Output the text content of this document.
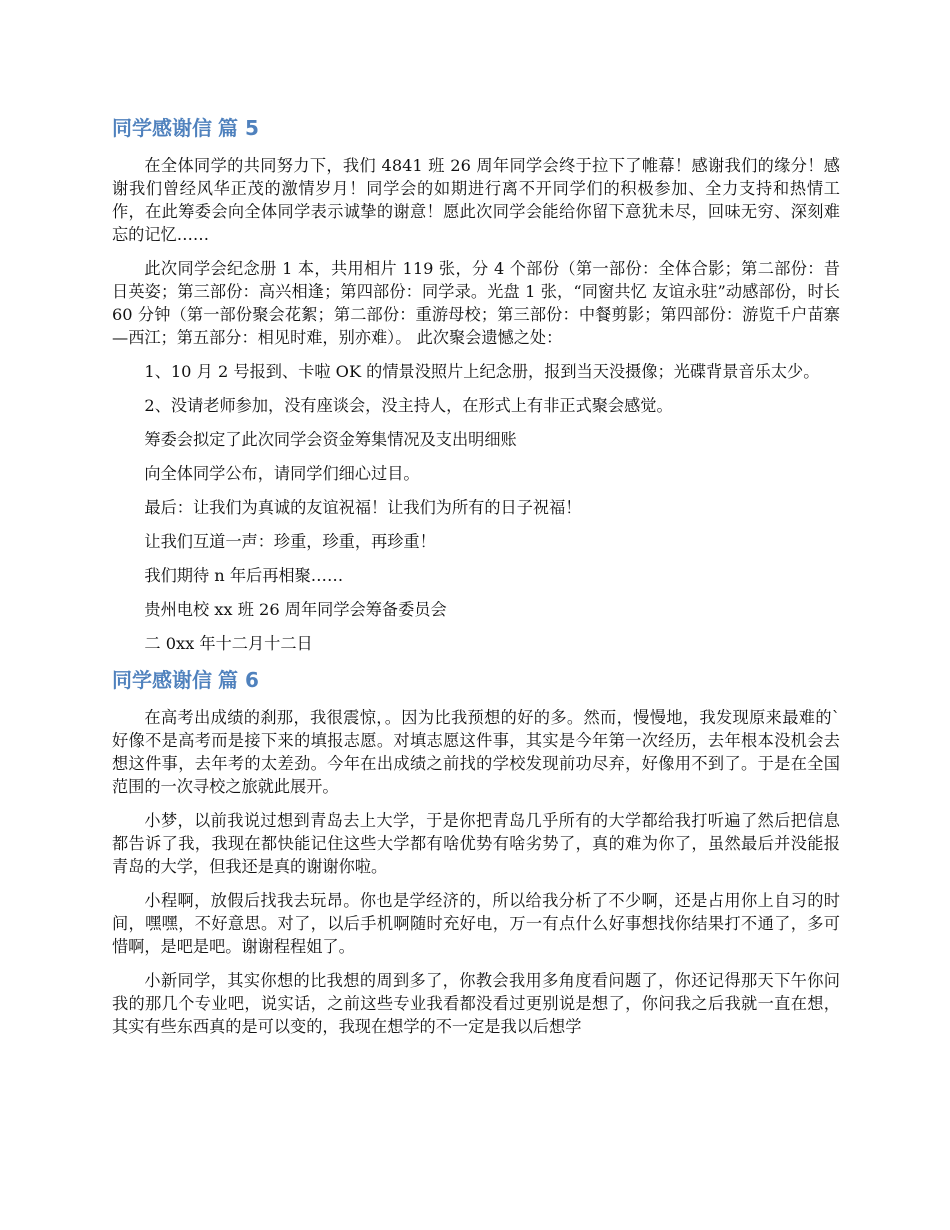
同学感谢信 篇 5

在全体同学的共同努力下，我们 4841 班 26 周年同学会终于拉下了帷幕！感谢我们的缘分！感谢我们曾经风华正茂的激情岁月！同学会的如期进行离不开同学们的积极参加、全力支持和热情工作，在此筹委会向全体同学表示诚挚的谢意！愿此次同学会能给你留下意犹未尽，回味无穷、深刻难忘的记忆……

此次同学会纪念册 1 本，共用相片 119 张，分 4 个部份（第一部份：全体合影；第二部份：昔日英姿；第三部份：高兴相逢；第四部份：同学录。光盘 1 张，“同窗共忆 友谊永驻”动感部份，时长 60 分钟（第一部份聚会花絮；第二部份：重游母校；第三部份：中餐剪影；第四部份：游览千户苗寨—西江；第五部分：相见时难，别亦难）。 此次聚会遗憾之处：

1、10 月 2 号报到、卡啦 OK 的情景没照片上纪念册，报到当天没摄像；光碟背景音乐太少。

2、没请老师参加，没有座谈会，没主持人，在形式上有非正式聚会感觉。

筹委会拟定了此次同学会资金筹集情况及支出明细账

向全体同学公布，请同学们细心过目。

最后：让我们为真诚的友谊祝福！让我们为所有的日子祝福！

让我们互道一声：珍重，珍重，再珍重！

我们期待 n 年后再相聚……

贵州电校 xx 班 26 周年同学会筹备委员会

二 0xx 年十二月十二日

同学感谢信 篇 6

在高考出成绩的刹那，我很震惊，。因为比我预想的好的多。然而，慢慢地，我发现原来最难的`好像不是高考而是接下来的填报志愿。对填志愿这件事，其实是今年第一次经历，去年根本没机会去想这件事，去年考的太差劲。今年在出成绩之前找的学校发现前功尽弃，好像用不到了。于是在全国范围的一次寻校之旅就此展开。

小梦，以前我说过想到青岛去上大学，于是你把青岛几乎所有的大学都给我打听遍了然后把信息都告诉了我，我现在都快能记住这些大学都有啥优势有啥劣势了，真的难为你了，虽然最后并没能报青岛的大学，但我还是真的谢谢你啦。

小程啊，放假后找我去玩昂。你也是学经济的，所以给我分析了不少啊，还是占用你上自习的时间，嘿嘿，不好意思。对了，以后手机啊随时充好电，万一有点什么好事想找你结果打不通了，多可惜啊，是吧是吧。谢谢程程姐了。

小新同学，其实你想的比我想的周到多了，你教会我用多角度看问题了，你还记得那天下午你问我的那几个专业吧，说实话，之前这些专业我看都没看过更别说是想了，你问我之后我就一直在想，其实有些东西真的是可以变的，我现在想学的不一定是我以后想学
